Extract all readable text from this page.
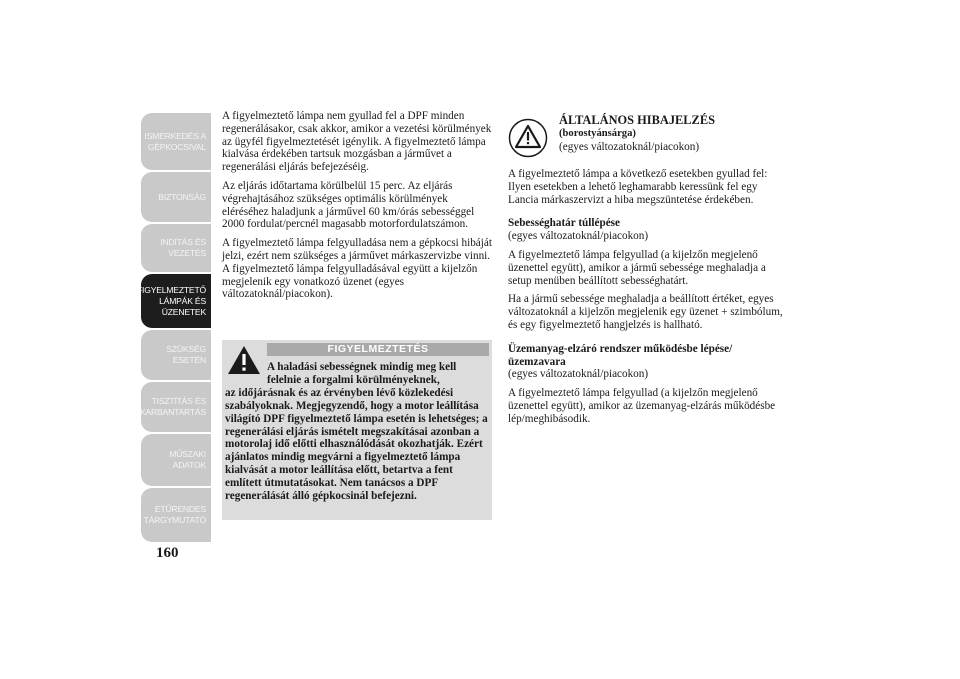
ISMERKEDÉS A
GÉPKOCSIVAL
BIZTONSÁG
INDÍTÁS ÉS
VEZETÉS
FIGYELMEZTETŐ
LÁMPÁK ÉS
ÜZENETEK
SZÜKSÉG ESETÉN
TISZTÍTÁS ÉS
KARBANTARTÁS
MŰSZAKI ADATOK
ETŰRENDES
TÁRGYMUTATÓ
160

A figyelmeztető lámpa nem gyullad fel a DPF minden regenerálásakor, csak akkor, amikor a vezetési körülmények az ügyfél figyelmeztetését igénylik. A figyelmeztető lámpa kialvása érdekében tartsuk mozgásban a járművet a regenerálási eljárás befejezéséig.

Az eljárás időtartama körülbelül 15 perc. Az eljárás végrehajtásához szükséges optimális körülmények eléréséhez haladjunk a járművel 60 km/órás sebességgel 2000 fordulat/percnél magasabb motorfordulatszámon.

A figyelmeztető lámpa felgyulladása nem a gépkocsi hibáját jelzi, ezért nem szükséges a járművet márkaszervizbe vinni. A figyelmeztető lámpa felgyulladásával együtt a kijelzőn megjelenik egy vonatkozó üzenet (egyes változatoknál/piacokon).

FIGYELMEZTETÉS
A haladási sebességnek mindig meg kell felelnie a forgalmi körülményeknek,
az időjárásnak és az érvényben lévő közlekedési szabályoknak. Megjegyzendő, hogy a motor leállítása világító DPF figyelmeztető lámpa esetén is lehetséges; a regenerálási eljárás ismételt megszakításai azonban a motorolaj idő előtti elhasználódását okozhatják. Ezért ajánlatos mindig megvárni a figyelmeztető lámpa kialvását a motor leállítása előtt, betartva a fent említett útmutatásokat. Nem tanácsos a DPF regenerálását álló gépkocsinál befejezni.
ÁLTALÁNOS HIBAJELZÉS
(borostyánsárga)
(egyes változatoknál/piacokon)

A figyelmeztető lámpa a következő esetekben gyullad fel: Ilyen esetekben a lehető leghamarabb keressünk fel egy Lancia márkaszervizt a hiba megszüntetése érdekében.

Sebességhatár túllépése

(egyes változatoknál/piacokon)

A figyelmeztető lámpa felgyullad (a kijelzőn megjelenő üzenettel együtt), amikor a jármű sebessége meghaladja a setup menüben beállított sebességhatárt.

Ha a jármű sebessége meghaladja a beállított értéket, egyes változatoknál a kijelzőn megjelenik egy üzenet + szimbólum, és egy figyelmeztető hangjelzés is hallható.

Üzemanyag-elzáró rendszer működésbe lépése/ üzemzavara

(egyes változatoknál/piacokon)

A figyelmeztető lámpa felgyullad (a kijelzőn megjelenő üzenettel együtt), amikor az üzemanyag-elzárás működésbe lép/meghibásodik.
